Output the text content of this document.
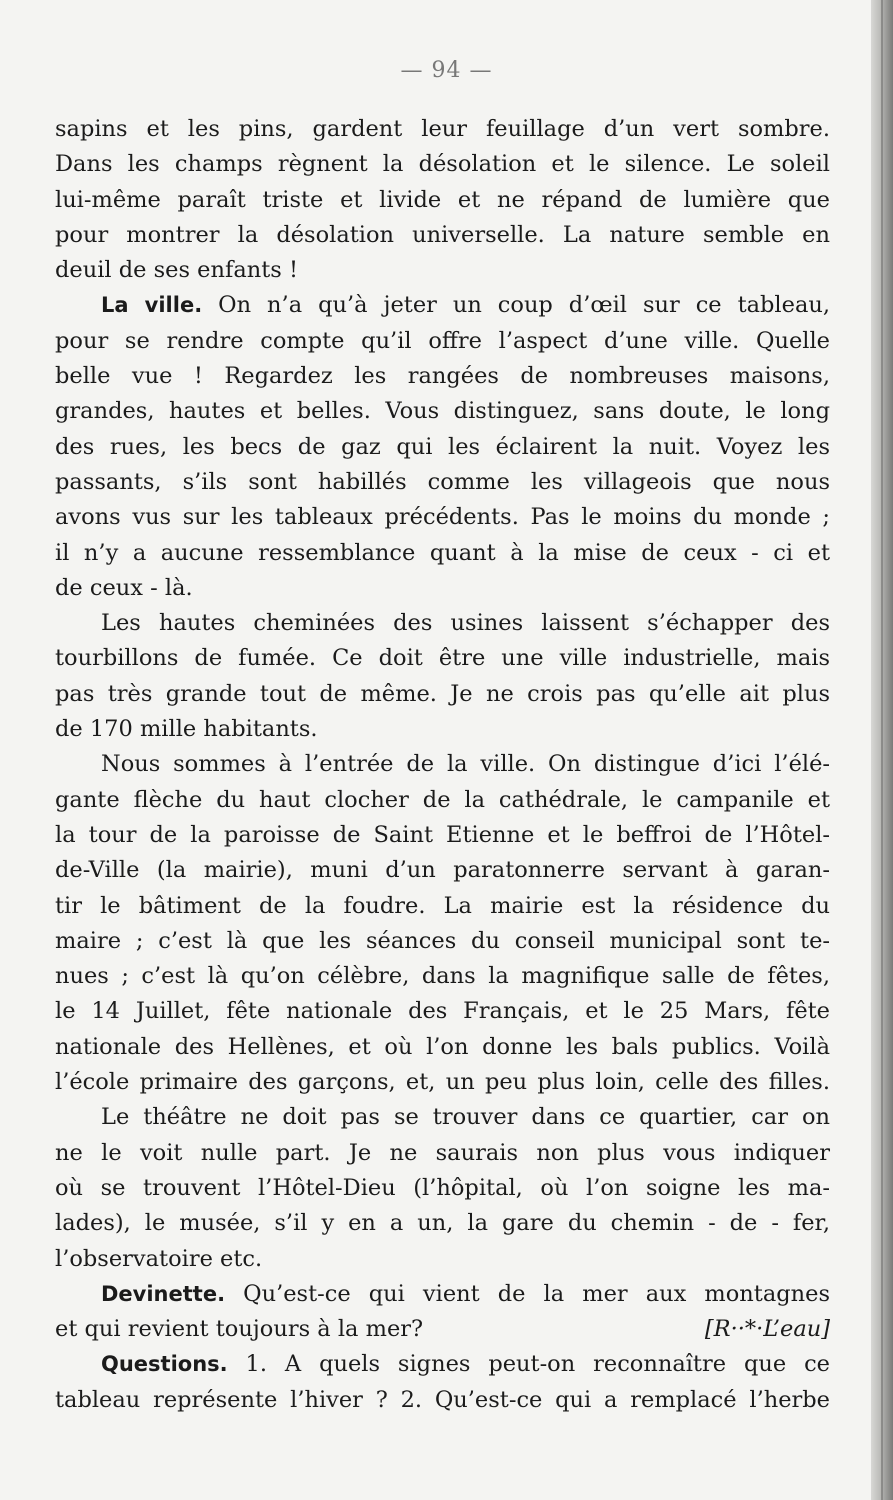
— 94 —
sapins et les pins, gardent leur feuillage d’un vert sombre.
Dans les champs règnent la désolation et le silence. Le soleil
lui-même paraît triste et livide et ne répand de lumière que
pour montrer la désolation universelle. La nature semble en
deuil de ses enfants !
La ville. On n’a qu’à jeter un coup d’œil sur ce tableau,
pour se rendre compte qu’il offre l’aspect d’une ville. Quelle
belle vue ! Regardez les rangées de nombreuses maisons,
grandes, hautes et belles. Vous distinguez, sans doute, le long
des rues, les becs de gaz qui les éclairent la nuit. Voyez les
passants, s’ils sont habillés comme les villageois que nous
avons vus sur les tableaux précédents. Pas le moins du monde ;
il n’y a aucune ressemblance quant à la mise de ceux - ci et
de ceux - là.
Les hautes cheminées des usines laissent s’échapper des
tourbillons de fumée. Ce doit être une ville industrielle, mais
pas très grande tout de même. Je ne crois pas qu’elle ait plus
de 170 mille habitants.
Nous sommes à l’entrée de la ville. On distingue d’ici l’élé-
gante flèche du haut clocher de la cathédrale, le campanile et
la tour de la paroisse de Saint Etienne et le beffroi de l’Hôtel-
de-Ville (la mairie), muni d’un paratonnerre servant à garan-
tir le bâtiment de la foudre. La mairie est la résidence du
maire ; c’est là que les séances du conseil municipal sont te-
nues ; c’est là qu’on célèbre, dans la magnifique salle de fêtes,
le 14 Juillet, fête nationale des Français, et le 25 Mars, fête
nationale des Hellènes, et où l’on donne les bals publics. Voilà
l’école primaire des garçons, et, un peu plus loin, celle des filles.
Le théâtre ne doit pas se trouver dans ce quartier, car on
ne le voit nulle part. Je ne saurais non plus vous indiquer
où se trouvent l’Hôtel-Dieu (l’hôpital, où l’on soigne les ma-
lades), le musée, s’il y en a un, la gare du chemin - de - fer,
l’observatoire etc.
Devinette. Qu’est-ce qui vient de la mer aux montagnes
et qui revient toujours à la mer?	[R··*·L’eau]
Questions. 1. A quels signes peut-on reconnaître que ce
tableau représente l’hiver ? 2. Qu’est-ce qui a remplacé l’herbe
